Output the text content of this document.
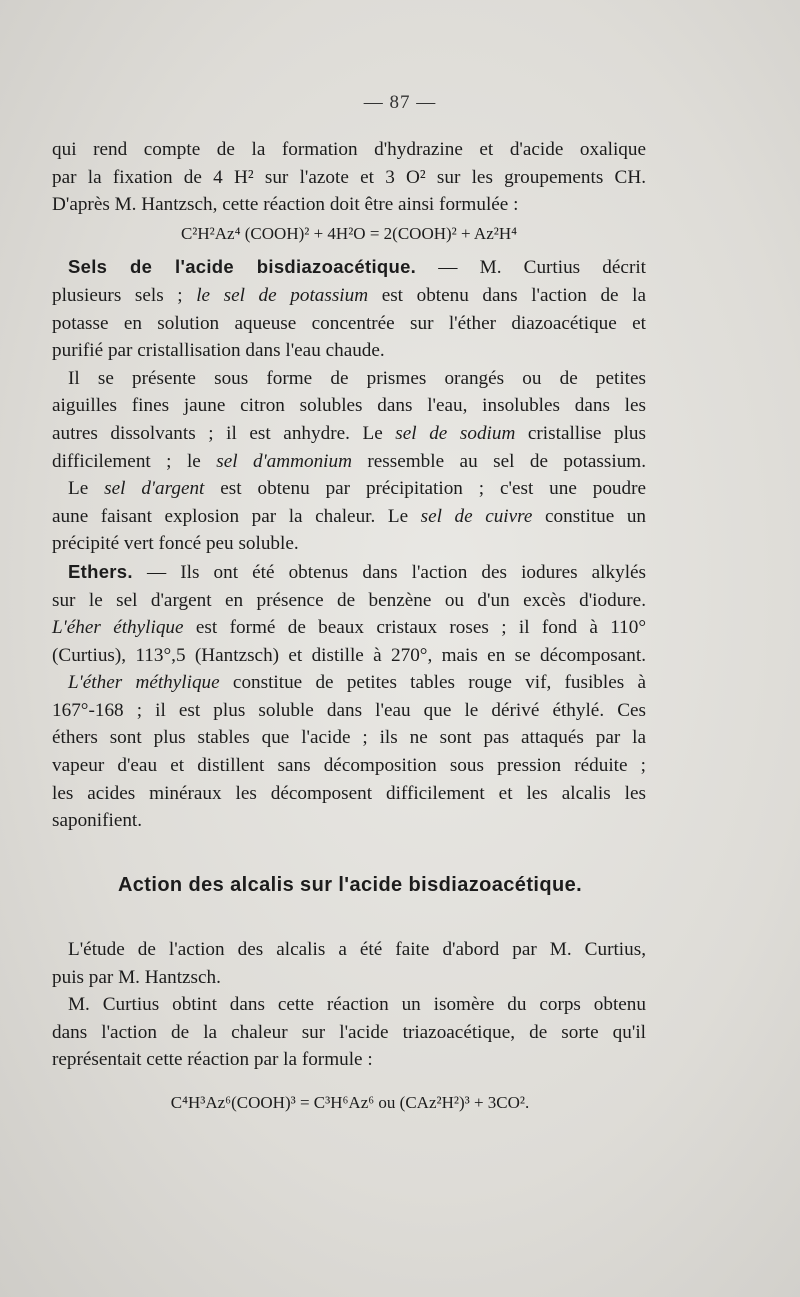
— 87 —
qui rend compte de la formation d'hydrazine et d'acide oxalique
par la fixation de 4 H² sur l'azote et 3 O² sur les groupements CH.
D'après M. Hantzsch, cette réaction doit être ainsi formulée :
C²H²Az⁴ (COOH)² + 4H²O = 2(COOH)² + Az²H⁴
Sels de l'acide bisdiazoacétique. — M. Curtius décrit
plusieurs sels ; le sel de potassium est obtenu dans l'action de la
potasse en solution aqueuse concentrée sur l'éther diazoacétique et
purifié par cristallisation dans l'eau chaude.
Il se présente sous forme de prismes orangés ou de petites
aiguilles fines jaune citron solubles dans l'eau, insolubles dans les
autres dissolvants ; il est anhydre. Le sel de sodium cristallise plus
difficilement ; le sel d'ammonium ressemble au sel de potassium.
Le sel d'argent est obtenu par précipitation ; c'est une poudre
aune faisant explosion par la chaleur. Le sel de cuivre constitue un
précipité vert foncé peu soluble.
Ethers. — Ils ont été obtenus dans l'action des iodures alkylés
sur le sel d'argent en présence de benzène ou d'un excès d'iodure.
L'éher éthylique est formé de beaux cristaux roses ; il fond à 110°
(Curtius), 113°,5 (Hantzsch) et distille à 270°, mais en se décomposant.
L'éther méthylique constitue de petites tables rouge vif, fusibles à
167°-168 ; il est plus soluble dans l'eau que le dérivé éthylé. Ces
éthers sont plus stables que l'acide ; ils ne sont pas attaqués par la
vapeur d'eau et distillent sans décomposition sous pression réduite ;
les acides minéraux les décomposent difficilement et les alcalis les
saponifient.
Action des alcalis sur l'acide bisdiazoacétique.
L'étude de l'action des alcalis a été faite d'abord par M. Curtius,
puis par M. Hantzsch.
M. Curtius obtint dans cette réaction un isomère du corps obtenu
dans l'action de la chaleur sur l'acide triazoacétique, de sorte qu'il
représentait cette réaction par la formule :
C⁴H³Az⁶(COOH)³ = C³H⁶Az⁶ ou (CAz²H²)³ + 3CO².
